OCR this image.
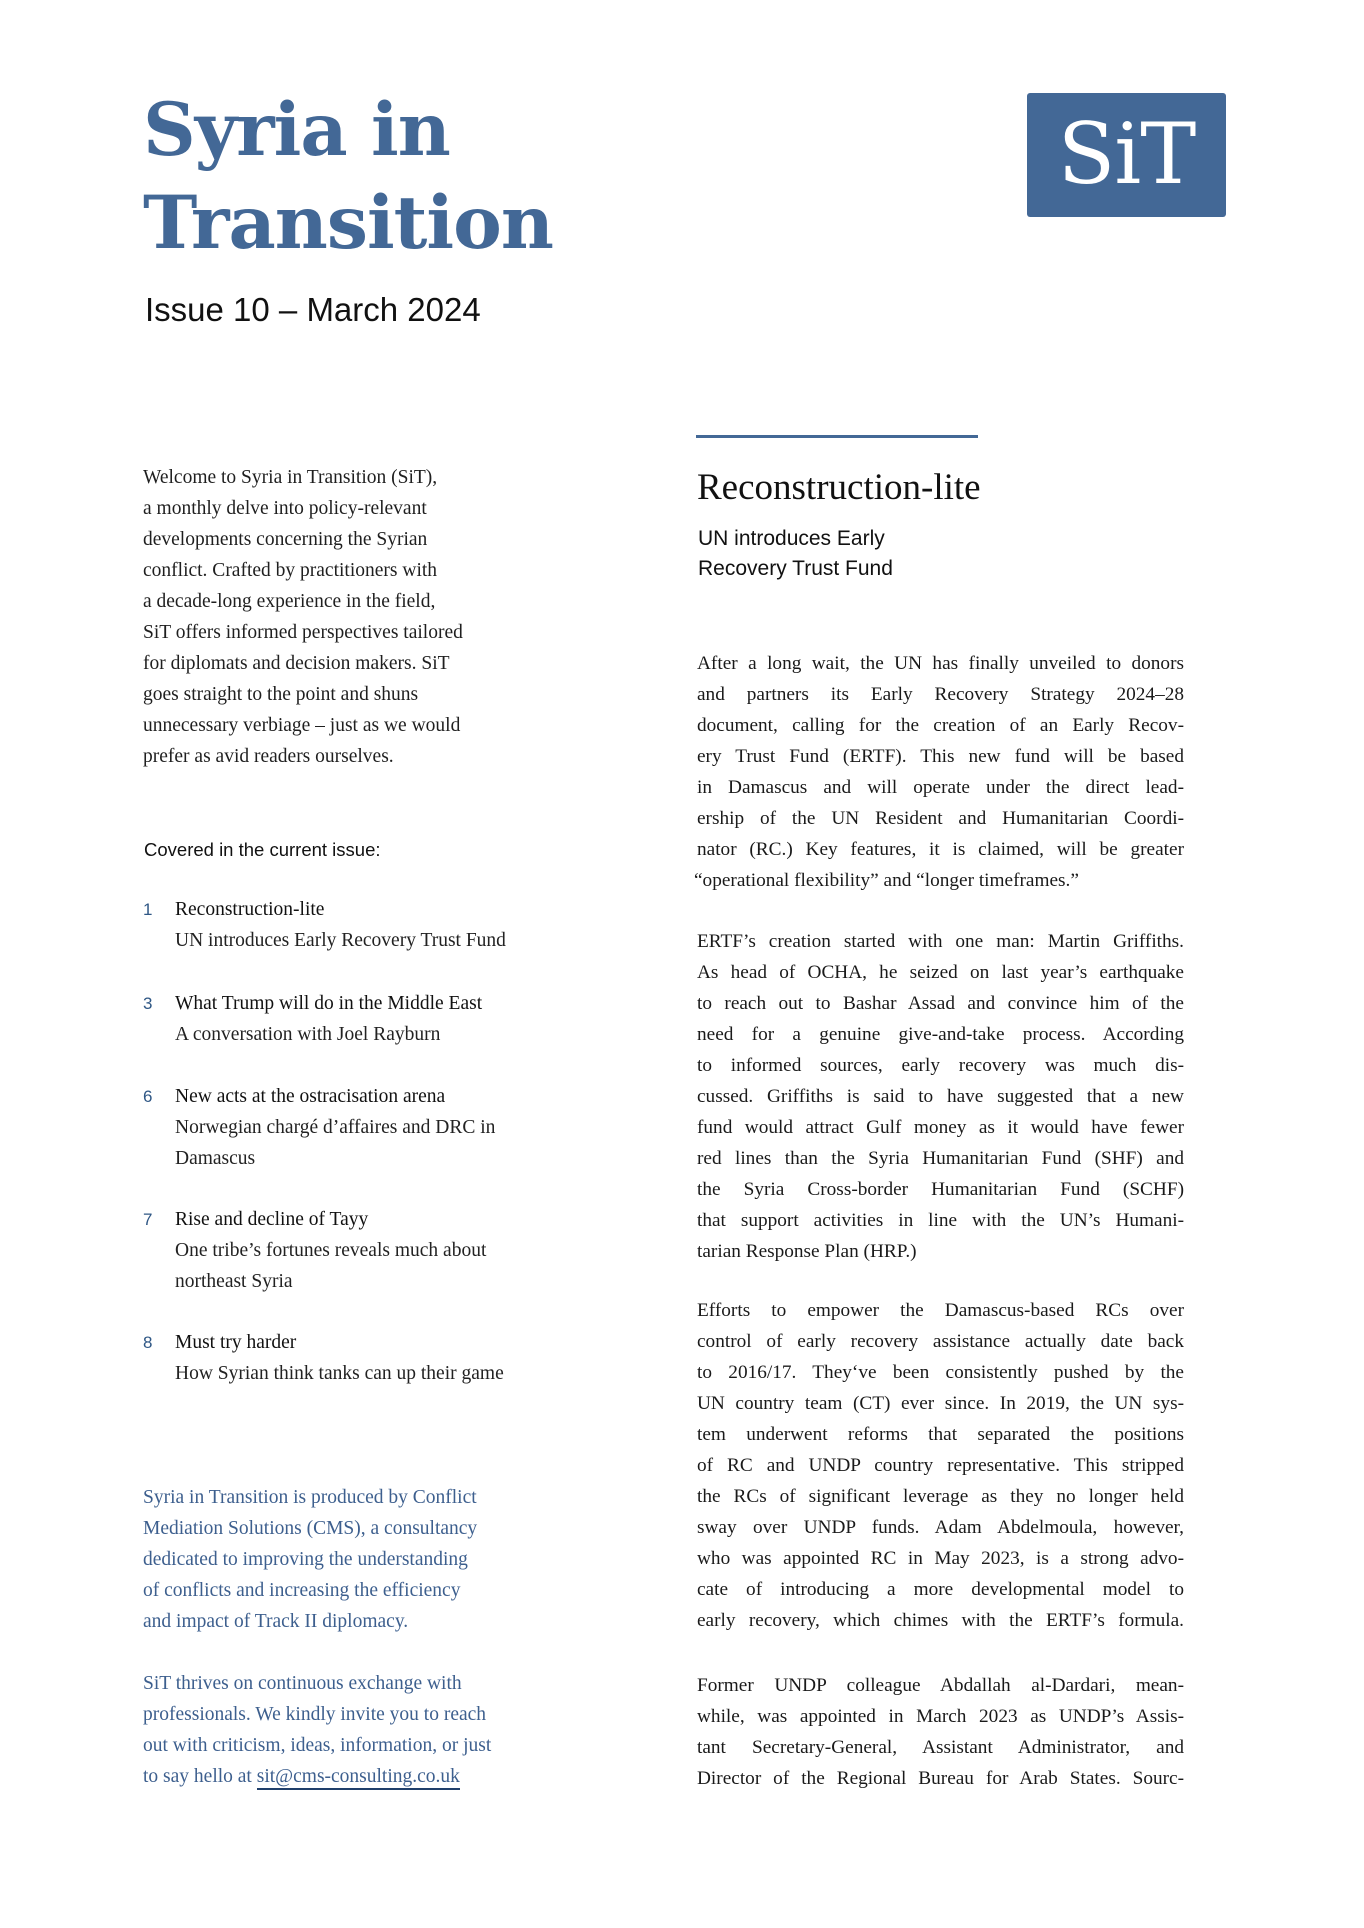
Syria in
Transition
Issue 10 – March 2024
SiT
Welcome to Syria in Transition (SiT),
a monthly delve into policy-relevant
developments concerning the Syrian
conflict. Crafted by practitioners with
a decade-long experience in the field,
SiT offers informed perspectives tailored
for diplomats and decision makers. SiT
goes straight to the point and shuns
unnecessary verbiage – just as we would
prefer as avid readers ourselves.
Covered in the current issue:
1	Reconstruction-lite
UN introduces Early Recovery Trust Fund
3	What Trump will do in the Middle East
A conversation with Joel Rayburn
6	New acts at the ostracisation arena
Norwegian chargé d’affaires and DRC in
Damascus
7	Rise and decline of Tayy
One tribe’s fortunes reveals much about
northeast Syria
8	Must try harder
How Syrian think tanks can up their game
Syria in Transition is produced by Conflict
Mediation Solutions (CMS), a consultancy
dedicated to improving the understanding
of conflicts and increasing the efficiency
and impact of Track II diplomacy.
SiT thrives on continuous exchange with
professionals. We kindly invite you to reach
out with criticism, ideas, information, or just
to say hello at sit@cms-consulting.co.uk
Reconstruction-lite
UN introduces Early
Recovery Trust Fund
After a long wait, the UN has finally unveiled to donors
and partners its Early Recovery Strategy 2024–28
document, calling for the creation of an Early Recov-
ery Trust Fund (ERTF). This new fund will be based
in Damascus and will operate under the direct lead-
ership of the UN Resident and Humanitarian Coordi-
nator (RC.) Key features, it is claimed, will be greater
“operational flexibility” and “longer timeframes.”
ERTF’s creation started with one man: Martin Griffiths.
As head of OCHA, he seized on last year’s earthquake
to reach out to Bashar Assad and convince him of the
need for a genuine give-and-take process. According
to informed sources, early recovery was much dis-
cussed. Griffiths is said to have suggested that a new
fund would attract Gulf money as it would have fewer
red lines than the Syria Humanitarian Fund (SHF) and
the Syria Cross-border Humanitarian Fund (SCHF)
that support activities in line with the UN’s Humani-
tarian Response Plan (HRP.)
Efforts to empower the Damascus-based RCs over
control of early recovery assistance actually date back
to 2016/17. They‘ve been consistently pushed by the
UN country team (CT) ever since. In 2019, the UN sys-
tem underwent reforms that separated the positions
of RC and UNDP country representative. This stripped
the RCs of significant leverage as they no longer held
sway over UNDP funds. Adam Abdelmoula, however,
who was appointed RC in May 2023, is a strong advo-
cate of introducing a more developmental model to
early recovery, which chimes with the ERTF’s formula.
Former UNDP colleague Abdallah al-Dardari, mean-
while, was appointed in March 2023 as UNDP’s Assis-
tant Secretary-General, Assistant Administrator, and
Director of the Regional Bureau for Arab States. Sourc-
